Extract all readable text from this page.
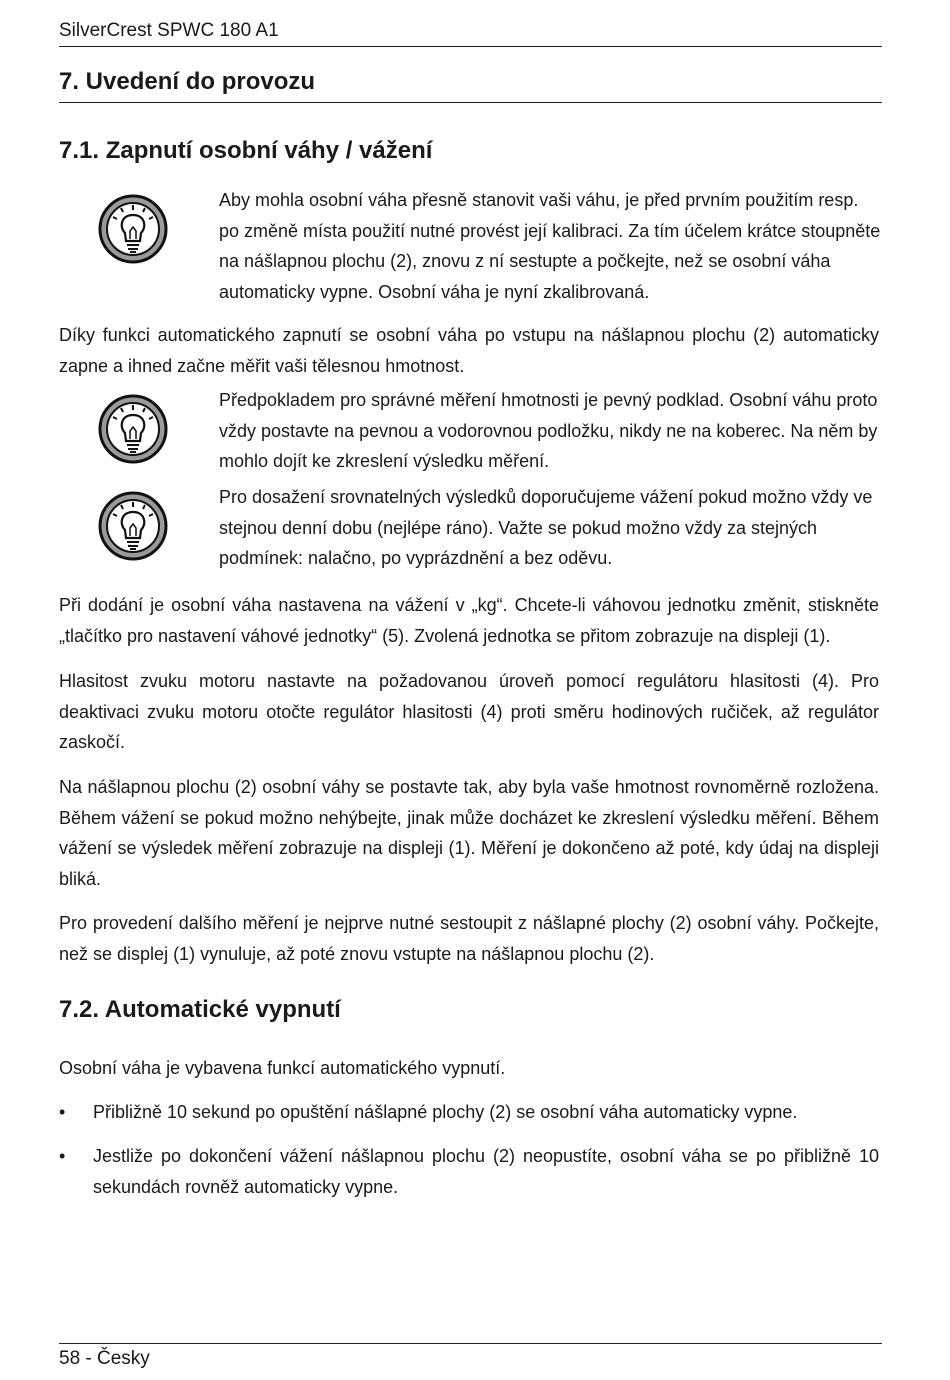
SilverCrest SPWC 180 A1
7. Uvedení do provozu
7.1. Zapnutí osobní váhy / vážení
Aby mohla osobní váha přesně stanovit vaši váhu, je před prvním použitím resp. po změně místa použití nutné provést její kalibraci. Za tím účelem krátce stoupněte na nášlapnou plochu (2), znovu z ní sestupte a počkejte, než se osobní váha automaticky vypne. Osobní váha je nyní zkalibrovaná.
Díky funkci automatického zapnutí se osobní váha po vstupu na nášlapnou plochu (2) automaticky zapne a ihned začne měřit vaši tělesnou hmotnost.
Předpokladem pro správné měření hmotnosti je pevný podklad. Osobní váhu proto vždy postavte na pevnou a vodorovnou podložku, nikdy ne na koberec. Na něm by mohlo dojít ke zkreslení výsledku měření.
Pro dosažení srovnatelných výsledků doporučujeme vážení pokud možno vždy ve stejnou denní dobu (nejlépe ráno). Važte se pokud možno vždy za stejných podmínek: nalačno, po vyprázdnění a bez oděvu.
Při dodání je osobní váha nastavena na vážení v „kg“. Chcete-li váhovou jednotku změnit, stiskněte „tlačítko pro nastavení váhové jednotky“ (5). Zvolená jednotka se přitom zobrazuje na displeji (1).
Hlasitost zvuku motoru nastavte na požadovanou úroveň pomocí regulátoru hlasitosti (4). Pro deaktivaci zvuku motoru otočte regulátor hlasitosti (4) proti směru hodinových ručiček, až regulátor zaskočí.
Na nášlapnou plochu (2) osobní váhy se postavte tak, aby byla vaše hmotnost rovnoměrně rozložena. Během vážení se pokud možno nehýbejte, jinak může docházet ke zkreslení výsledku měření. Během vážení se výsledek měření zobrazuje na displeji (1). Měření je dokončeno až poté, kdy údaj na displeji bliká.
Pro provedení dalšího měření je nejprve nutné sestoupit z nášlapné plochy (2) osobní váhy. Počkejte, než se displej (1) vynuluje, až poté znovu vstupte na nášlapnou plochu (2).
7.2. Automatické vypnutí
Osobní váha je vybavena funkcí automatického vypnutí.
•	Přibližně 10 sekund po opuštění nášlapné plochy (2) se osobní váha automaticky vypne.
•	Jestliže po dokončení vážení nášlapnou plochu (2) neopustíte, osobní váha se po přibližně 10 sekundách rovněž automaticky vypne.
58 - Česky
